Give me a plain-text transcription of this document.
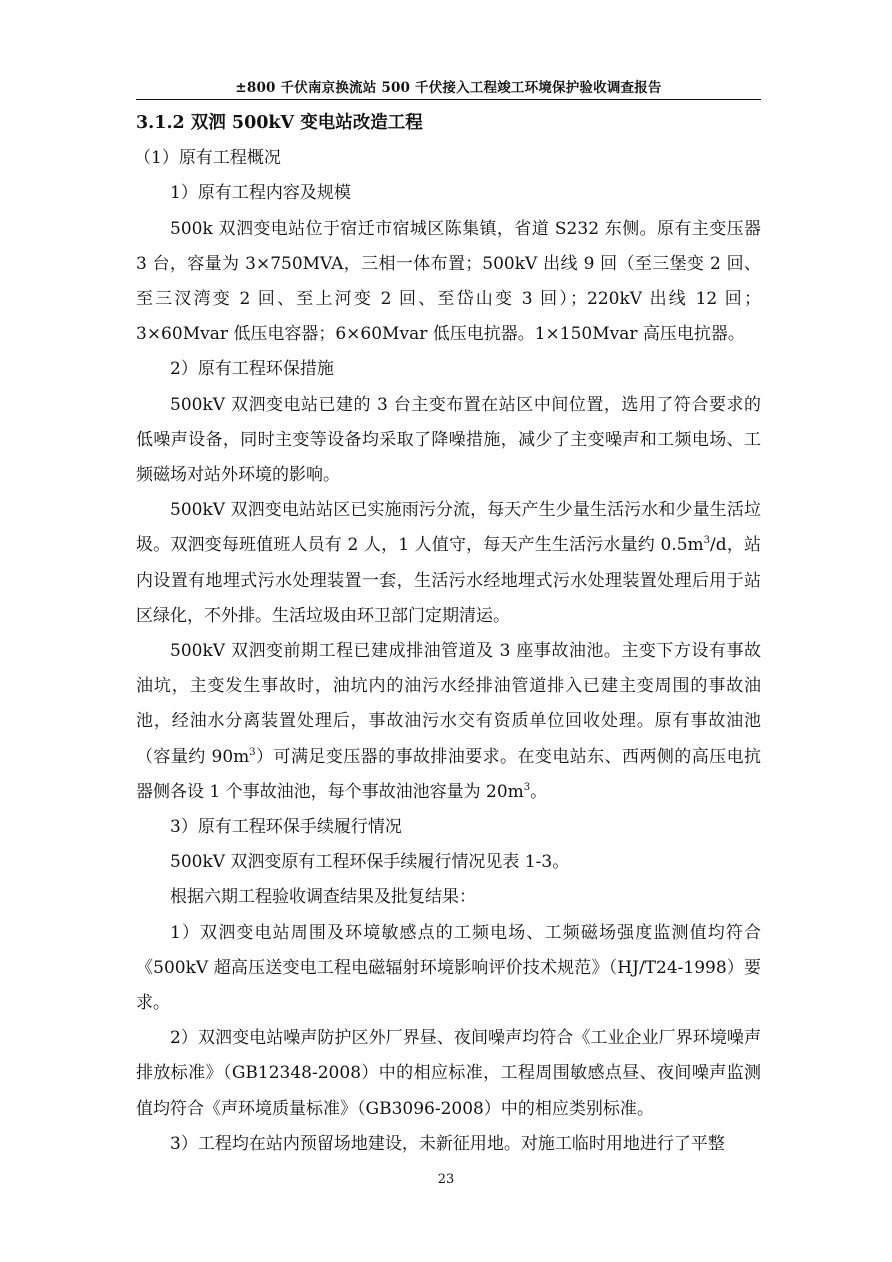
±800 千伏南京换流站 500 千伏接入工程竣工环境保护验收调查报告

3.1.2 双泗 500kV 变电站改造工程

（1）原有工程概况

1）原有工程内容及规模

500k 双泗变电站位于宿迁市宿城区陈集镇，省道 S232 东侧。原有主变压器 3 台，容量为 3×750MVA，三相一体布置；500kV 出线 9 回（至三堡变 2 回、至三汊湾变 2 回、至上河变 2 回、至岱山变 3 回）；220kV 出线 12 回；3×60Mvar 低压电容器；6×60Mvar 低压电抗器。1×150Mvar 高压电抗器。

2）原有工程环保措施

500kV 双泗变电站已建的 3 台主变布置在站区中间位置，选用了符合要求的低噪声设备，同时主变等设备均采取了降噪措施，减少了主变噪声和工频电场、工频磁场对站外环境的影响。

500kV 双泗变电站站区已实施雨污分流，每天产生少量生活污水和少量生活垃圾。双泗变每班值班人员有 2 人，1 人值守，每天产生生活污水量约 $0.5m^3/d$，站内设置有地埋式污水处理装置一套，生活污水经地埋式污水处理装置处理后用于站区绿化，不外排。生活垃圾由环卫部门定期清运。

500kV 双泗变前期工程已建成排油管道及 3 座事故油池。主变下方设有事故油坑，主变发生事故时，油坑内的油污水经排油管道排入已建主变周围的事故油池，经油水分离装置处理后，事故油污水交有资质单位回收处理。原有事故油池（容量约 $90m^3$）可满足变压器的事故排油要求。在变电站东、西两侧的高压电抗器侧各设 1 个事故油池，每个事故油池容量为 $20m^3$。

3）原有工程环保手续履行情况

500kV 双泗变原有工程环保手续履行情况见表 1-3。

根据六期工程验收调查结果及批复结果：

1）双泗变电站周围及环境敏感点的工频电场、工频磁场强度监测值均符合《500kV 超高压送变电工程电磁辐射环境影响评价技术规范》（HJ/T24-1998）要求。

2）双泗变电站噪声防护区外厂界昼、夜间噪声均符合《工业企业厂界环境噪声排放标准》（GB12348-2008）中的相应标准，工程周围敏感点昼、夜间噪声监测值均符合《声环境质量标准》（GB3096-2008）中的相应类别标准。

3）工程均在站内预留场地建设，未新征用地。对施工临时用地进行了平整

23
